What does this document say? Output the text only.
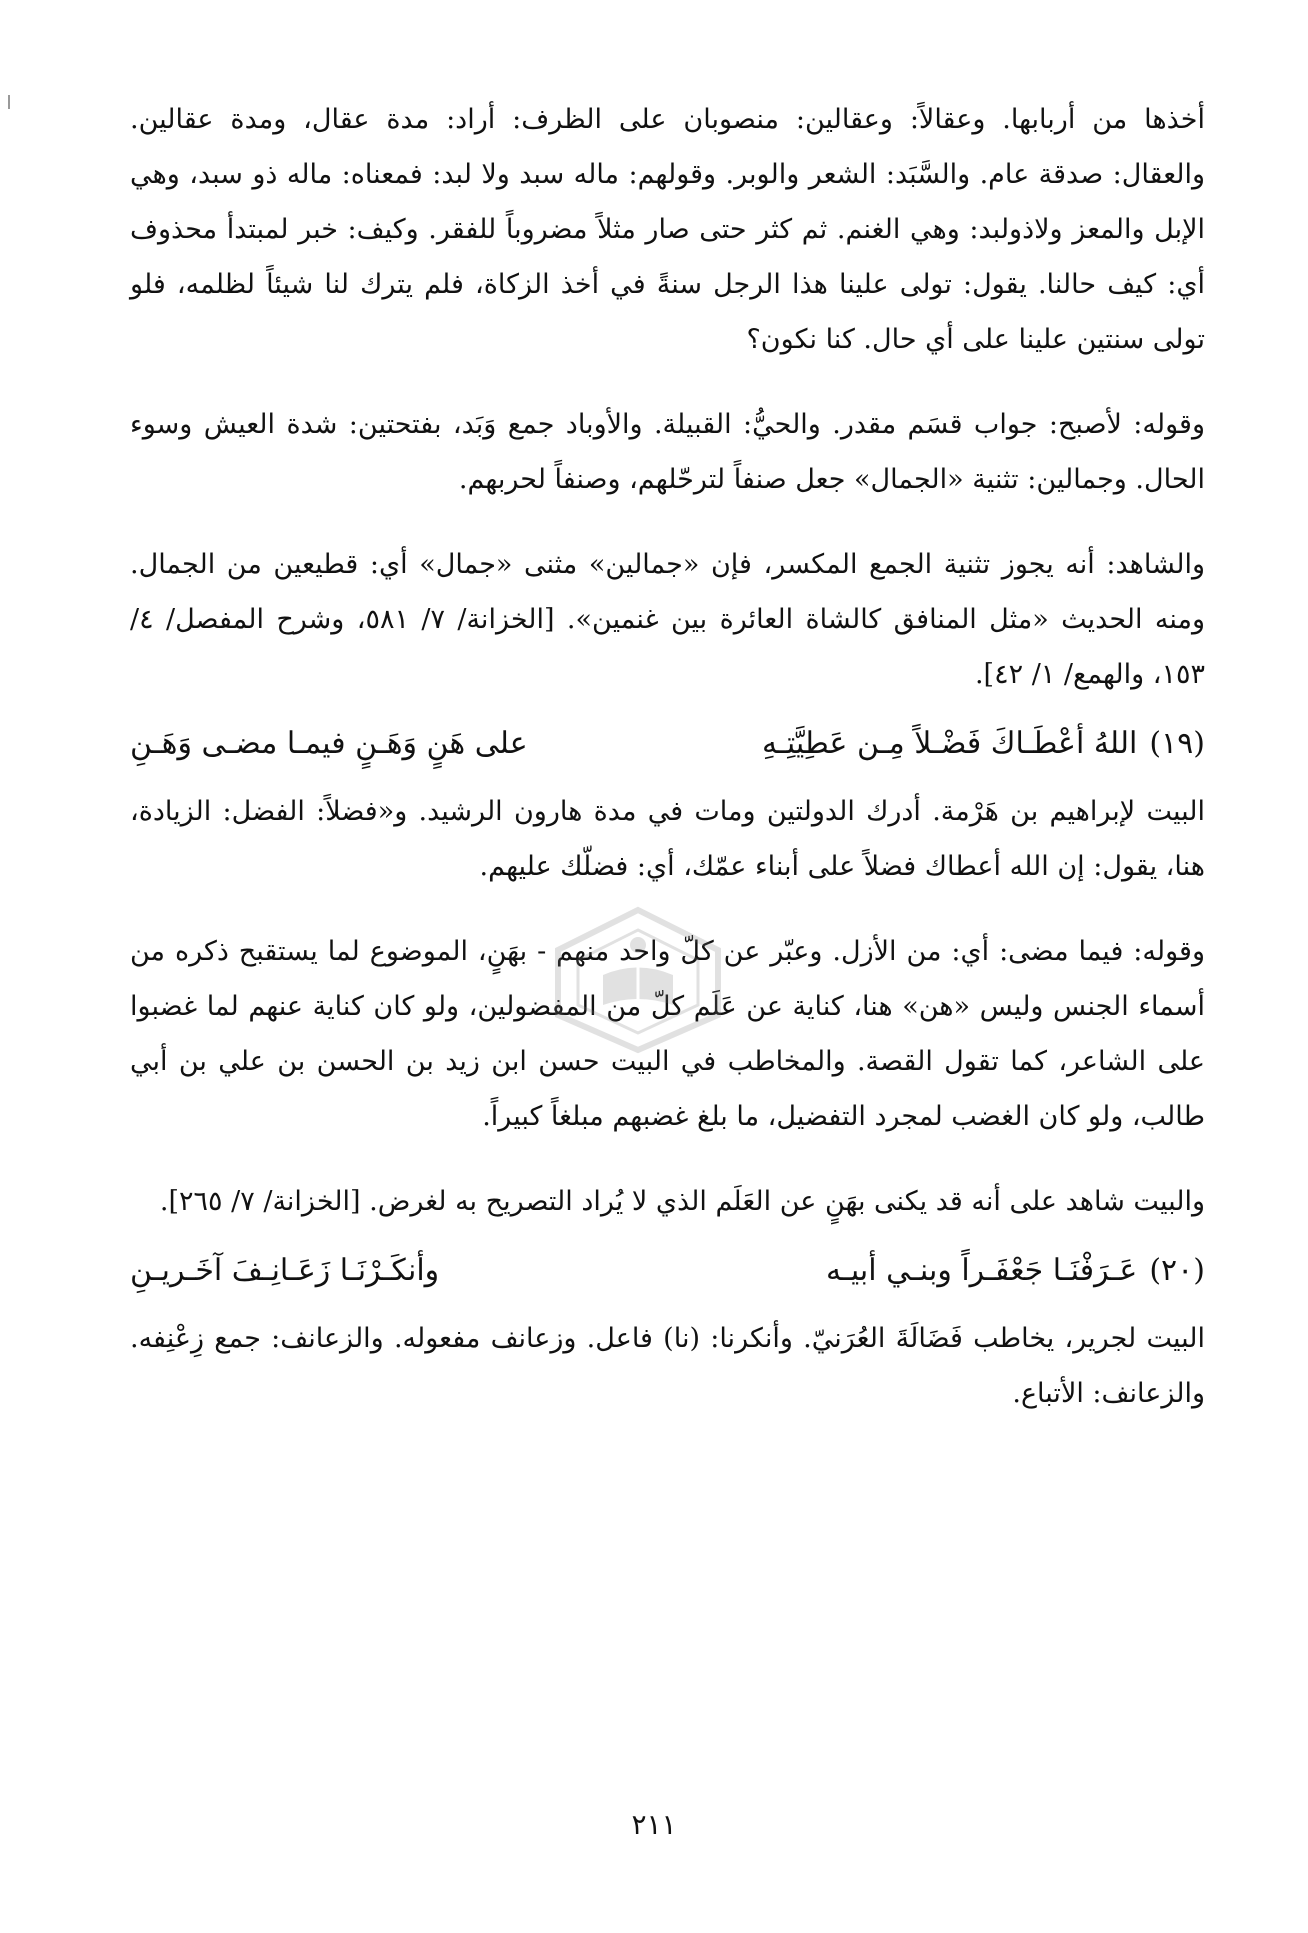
أخذها من أربابها. وعقالاً: وعقالين: منصوبان على الظرف: أراد: مدة عقال، ومدة عقالين. والعقال: صدقة عام. والسَّبَد: الشعر والوبر. وقولهم: ماله سبد ولا لبد: فمعناه: ماله ذو سبد، وهي الإبل والمعز ولاذولبد: وهي الغنم. ثم كثر حتى صار مثلاً مضروباً للفقر. وكيف: خبر لمبتدأ محذوف أي: كيف حالنا. يقول: تولى علينا هذا الرجل سنةً في أخذ الزكاة، فلم يترك لنا شيئاً لظلمه، فلو تولى سنتين علينا على أي حال. كنا نكون؟

وقوله: لأصبح: جواب قسَم مقدر. والحيُّ: القبيلة. والأوباد جمع وَبَد، بفتحتين: شدة العيش وسوء الحال. وجمالين: تثنية «الجمال» جعل صنفاً لترحّلهم، وصنفاً لحربهم.

والشاهد: أنه يجوز تثنية الجمع المكسر، فإن «جمالين» مثنى «جمال» أي: قطيعين من الجمال. ومنه الحديث «مثل المنافق كالشاة العائرة بين غنمين». [الخزانة/ ٧/ ٥٨١، وشرح المفصل/ ٤/ ١٥٣، والهمع/ ١/ ٤٢].

(١٩)
اللهُ أعْطَـاكَ فَضْـلاً مِـن عَطِيَّتِـهِ
على هَنٍ وَهَـنٍ فيمـا مضـى وَهَـنِ

البيت لإبراهيم بن هَرْمة. أدرك الدولتين ومات في مدة هارون الرشيد. و«فضلاً: الفضل: الزيادة، هنا، يقول: إن الله أعطاك فضلاً على أبناء عمّك، أي: فضلّك عليهم.

وقوله: فيما مضى: أي: من الأزل. وعبّر عن كلّ واحد منهم - بهَنٍ، الموضوع لما يستقبح ذكره من أسماء الجنس وليس «هن» هنا، كناية عن عَلَم كلّ من المفضولين، ولو كان كناية عنهم لما غضبوا على الشاعر، كما تقول القصة. والمخاطب في البيت حسن ابن زيد بن الحسن بن علي بن أبي طالب، ولو كان الغضب لمجرد التفضيل، ما بلغ غضبهم مبلغاً كبيراً.

والبيت شاهد على أنه قد يكنى بهَنٍ عن العَلَم الذي لا يُراد التصريح به لغرض. [الخزانة/ ٧/ ٢٦٥].

(٢٠)
عَـرَفْنَـا جَعْفَـراً وبنـي أبيـه
وأنكَـرْنَـا زَعَـانِـفَ آخَـريـنِ

البيت لجرير، يخاطب فَضَالَةَ العُرَنيّ. وأنكرنا: (نا) فاعل. وزعانف مفعوله. والزعانف: جمع زِعْنِفه. والزعانف: الأتباع.

٢١١
